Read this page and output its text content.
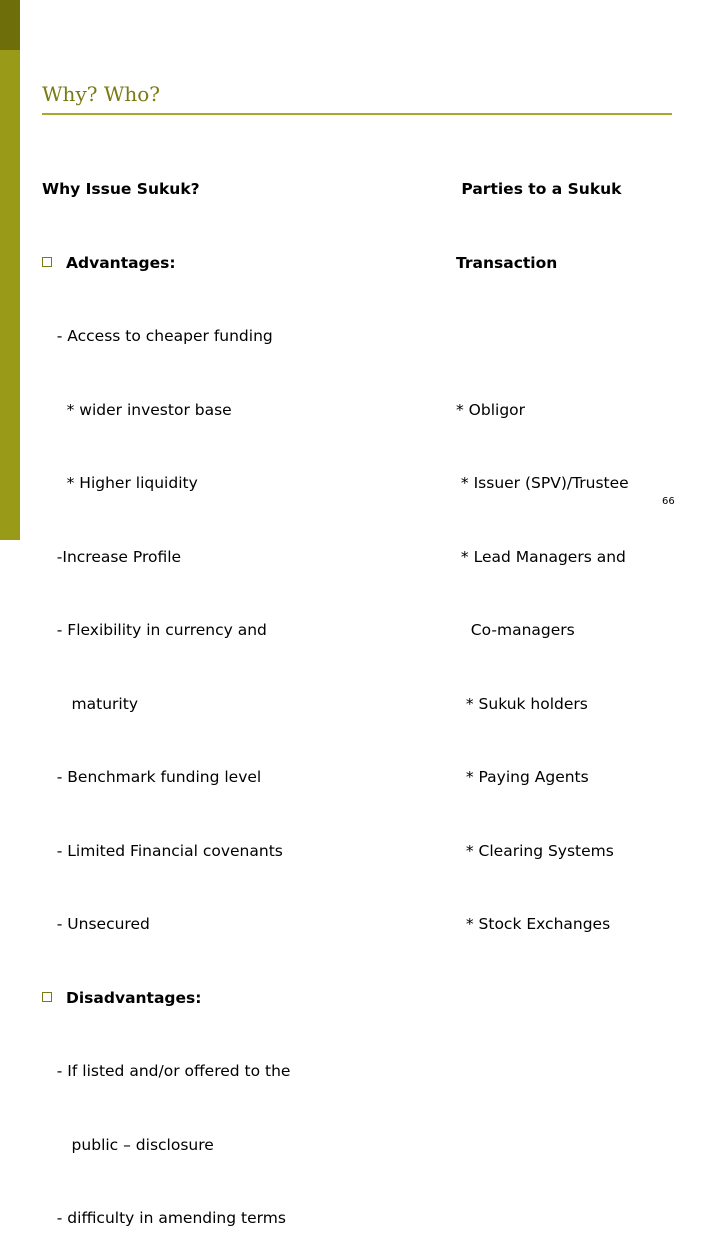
Why? Who?

Why Issue Sukuk?

Advantages:

- Access to cheaper funding

* wider investor base

* Higher liquidity

-Increase Profile

- Flexibility in currency and

maturity

- Benchmark funding level

- Limited Financial covenants

- Unsecured

Disadvantages:

- If listed and/or offered to the

public – disclosure

- difficulty in amending terms

Parties to a Sukuk

Transaction

* Obligor

* Issuer (SPV)/Trustee

* Lead Managers and

Co-managers

* Sukuk holders

* Paying Agents

* Clearing Systems

* Stock Exchanges

66
